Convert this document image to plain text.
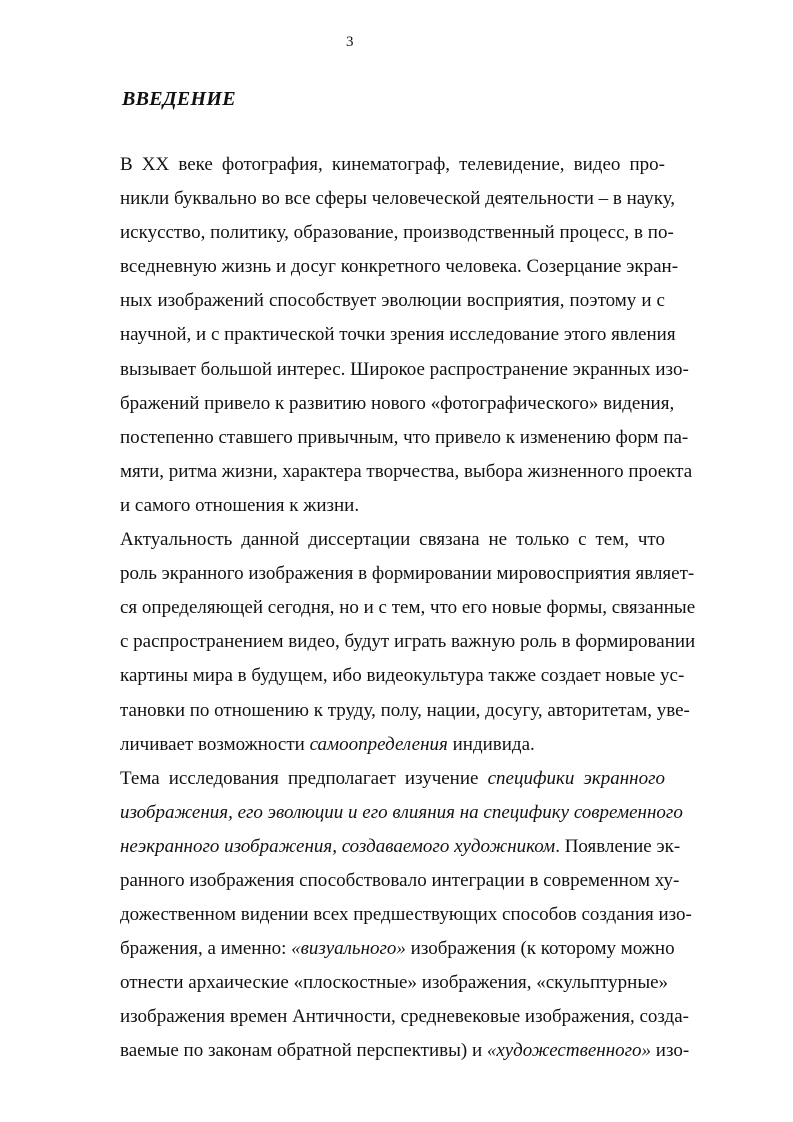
3
ВВЕДЕНИЕ
В XX веке фотография, кинематограф, телевидение, видео про-
никли буквально во все сферы человеческой деятельности – в науку,
искусство, политику, образование, производственный процесс, в по-
вседневную жизнь и досуг конкретного человека. Созерцание экран-
ных изображений способствует эволюции восприятия, поэтому и с
научной, и с практической точки зрения исследование этого явления
вызывает большой интерес. Широкое распространение экранных изо-
бражений привело к развитию нового «фотографического» видения,
постепенно ставшего привычным, что привело к изменению форм па-
мяти, ритма жизни, характера творчества, выбора жизненного проекта
и самого отношения к жизни.
Актуальность данной диссертации связана не только с тем, что
роль экранного изображения в формировании мировосприятия являет-
ся определяющей сегодня, но и с тем, что его новые формы, связанные
с распространением видео, будут играть важную роль в формировании
картины мира в будущем, ибо видеокультура также создает новые ус-
тановки по отношению к труду, полу, нации, досугу, авторитетам, уве-
личивает возможности самоопределения индивида.
Тема исследования предполагает изучение специфики экранного
изображения, его эволюции и его влияния на специфику современного
неэкранного изображения, создаваемого художником. Появление эк-
ранного изображения способствовало интеграции в современном ху-
дожественном видении всех предшествующих способов создания изо-
бражения, а именно: «визуального» изображения (к которому можно
отнести архаические «плоскостные» изображения, «скульптурные»
изображения времен Античности, средневековые изображения, созда-
ваемые по законам обратной перспективы) и «художественного» изо-
